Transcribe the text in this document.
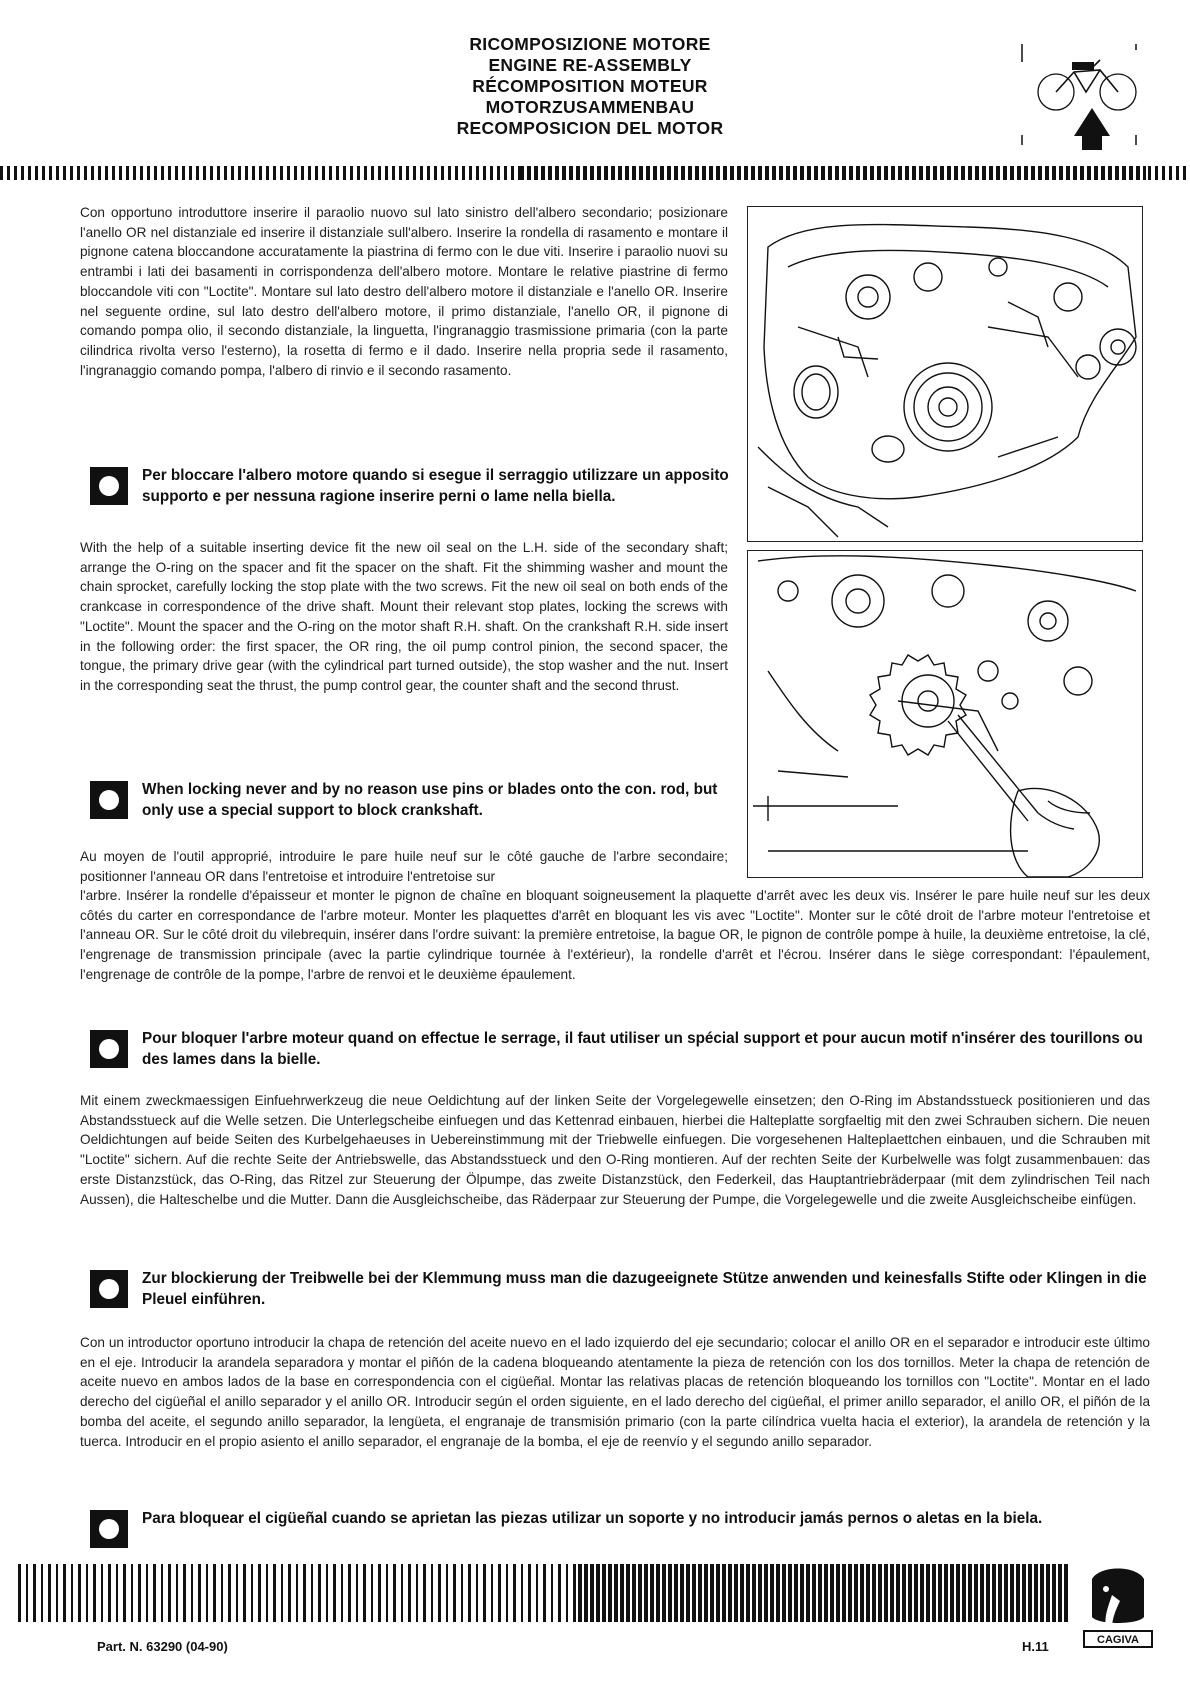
RICOMPOSIZIONE MOTORE
ENGINE RE-ASSEMBLY
RÉCOMPOSITION MOTEUR
MOTORZUSAMMENBAU
RECOMPOSICION DEL MOTOR

Con opportuno introduttore inserire il paraolio nuovo sul lato sinistro dell'albero secondario; posizionare l'anello OR nel distanziale ed inserire il distanziale sull'albero. Inserire la rondella di rasamento e montare il pignone catena bloccandone accuratamente la piastrina di fermo con le due viti. Inserire i paraolio nuovi su entrambi i lati dei basamenti in corrispondenza dell'albero motore. Montare le relative piastrine di fermo bloccandole viti con "Loctite". Montare sul lato destro dell'albero motore il distanziale e l'anello OR. Inserire nel seguente ordine, sul lato destro dell'albero motore, il primo distanziale, l'anello OR, il pignone di comando pompa olio, il secondo distanziale, la linguetta, l'ingranaggio trasmissione primaria (con la parte cilindrica rivolta verso l'esterno), la rosetta di fermo e il dado. Inserire nella propria sede il rasamento, l'ingranaggio comando pompa, l'albero di rinvio e il secondo rasamento.

Per bloccare l'albero motore quando si esegue il serraggio utilizzare un apposito supporto e per nessuna ragione inserire perni o lame nella biella.

With the help of a suitable inserting device fit the new oil seal on the L.H. side of the secondary shaft; arrange the O-ring on the spacer and fit the spacer on the shaft. Fit the shimming washer and mount the chain sprocket, carefully locking the stop plate with the two screws. Fit the new oil seal on both ends of the crankcase in correspondence of the drive shaft. Mount their relevant stop plates, locking the screws with "Loctite". Mount the spacer and the O-ring on the motor shaft R.H. shaft. On the crankshaft R.H. side insert in the following order: the first spacer, the OR ring, the oil pump control pinion, the second spacer, the tongue, the primary drive gear (with the cylindrical part turned outside), the stop washer and the nut. Insert in the corresponding seat the thrust, the pump control gear, the counter shaft and the second thrust.

When locking never and by no reason use pins or blades onto the con. rod, but only use a special support to block crankshaft.

Au moyen de l'outil approprié, introduire le pare huile neuf sur le côté gauche de l'arbre secondaire; positionner l'anneau OR dans l'entretoise et introduire l'entretoise sur

l'arbre. Insérer la rondelle d'épaisseur et monter le pignon de chaîne en bloquant soigneusement la plaquette d'arrêt avec les deux vis. Insérer le pare huile neuf sur les deux côtés du carter en correspondance de l'arbre moteur. Monter les plaquettes d'arrêt en bloquant les vis avec "Loctite". Monter sur le côté droit de l'arbre moteur l'entretoise et l'anneau OR. Sur le côté droit du vilebrequin, insérer dans l'ordre suivant: la première entretoise, la bague OR, le pignon de contrôle pompe à huile, la deuxième entretoise, la clé, l'engrenage de transmission principale (avec la partie cylindrique tournée à l'extérieur), la rondelle d'arrêt et l'écrou. Insérer dans le siège correspondant: l'épaulement, l'engrenage de contrôle de la pompe, l'arbre de renvoi et le deuxième épaulement.

Pour bloquer l'arbre moteur quand on effectue le serrage, il faut utiliser un spécial support et pour aucun motif n'insérer des tourillons ou des lames dans la bielle.

Mit einem zweckmaessigen Einfuehrwerkzeug die neue Oeldichtung auf der linken Seite der Vorgelegewelle einsetzen; den O-Ring im Abstandsstueck positionieren und das Abstandsstueck auf die Welle setzen. Die Unterlegscheibe einfuegen und das Kettenrad einbauen, hierbei die Halteplatte sorgfaeltig mit den zwei Schrauben sichern. Die neuen Oeldichtungen auf beide Seiten des Kurbelgehaeuses in Uebereinstimmung mit der Triebwelle einfuegen. Die vorgesehenen Halteplaettchen einbauen, und die Schrauben mit "Loctite" sichern. Auf die rechte Seite der Antriebswelle, das Abstandsstueck und den O-Ring montieren. Auf der rechten Seite der Kurbelwelle was folgt zusammenbauen: das erste Distanzstück, das O-Ring, das Ritzel zur Steuerung der Ölpumpe, das zweite Distanzstück, den Federkeil, das Hauptantriebräderpaar (mit dem zylindrischen Teil nach Aussen), die Halteschelbe und die Mutter. Dann die Ausgleichscheibe, das Räderpaar zur Steuerung der Pumpe, die Vorgelegewelle und die zweite Ausgleichscheibe einfügen.

Zur blockierung der Treibwelle bei der Klemmung muss man die dazugeeignete Stütze anwenden und keinesfalls Stifte oder Klingen in die Pleuel einführen.

Con un introductor oportuno introducir la chapa de retención del aceite nuevo en el lado izquierdo del eje secundario; colocar el anillo OR en el separador e introducir este último en el eje. Introducir la arandela separadora y montar el piñón de la cadena bloqueando atentamente la pieza de retención con los dos tornillos. Meter la chapa de retención de aceite nuevo en ambos lados de la base en correspondencia con el cigüeñal. Montar las relativas placas de retención bloqueando los tornillos con "Loctite". Montar en el lado derecho del cigüeñal el anillo separador y el anillo OR. Introducir según el orden siguiente, en el lado derecho del cigüeñal, el primer anillo separador, el anillo OR, el piñón de la bomba del aceite, el segundo anillo separador, la lengüeta, el engranaje de transmisión primario (con la parte cilíndrica vuelta hacia el exterior), la arandela de retención y la tuerca. Introducir en el propio asiento el anillo separador, el engranaje de la bomba, el eje de reenvío y el segundo anillo separador.

Para bloquear el cigüeñal cuando se aprietan las piezas utilizar un soporte y no introducir jamás pernos o aletas en la biela.
CAGIVA
Part. N. 63290 (04-90)	H.11
